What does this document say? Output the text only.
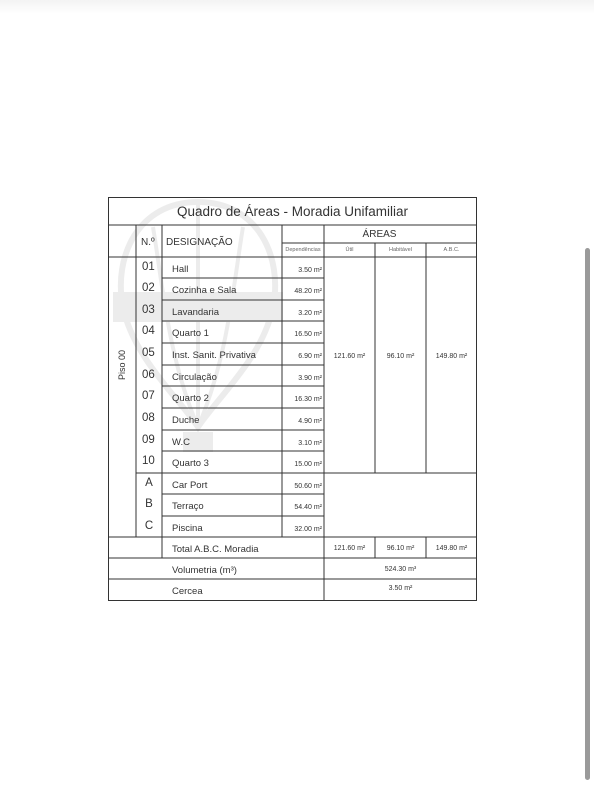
Quadro de Áreas - Moradia Unifamiliar
N.º DESIGNAÇÃO
ÁREAS
Dependências	Útil	Habitável	A.B.C.
Piso 00
01 Hall	3.50 m²
02 Cozinha e Sala	48.20 m²
03 Lavandaria	3.20 m²
04 Quarto 1	16.50 m²
05 Inst. Sanit. Privativa	6.90 m²
06 Circulação	3.90 m²
07 Quarto 2	16.30 m²
08 Duche	4.90 m²
09 W.C	3.10 m²
10 Quarto 3	15.00 m²
121.60 m²	96.10 m²	149.80 m²
A	Car Port	50.60 m²
B	Terraço	54.40 m²
C	Piscina	32.00 m²
Total A.B.C. Moradia	121.60 m²	96.10 m²	149.80 m²
Volumetria (m³)	524.30 m³
Cercea	3.50 m²
